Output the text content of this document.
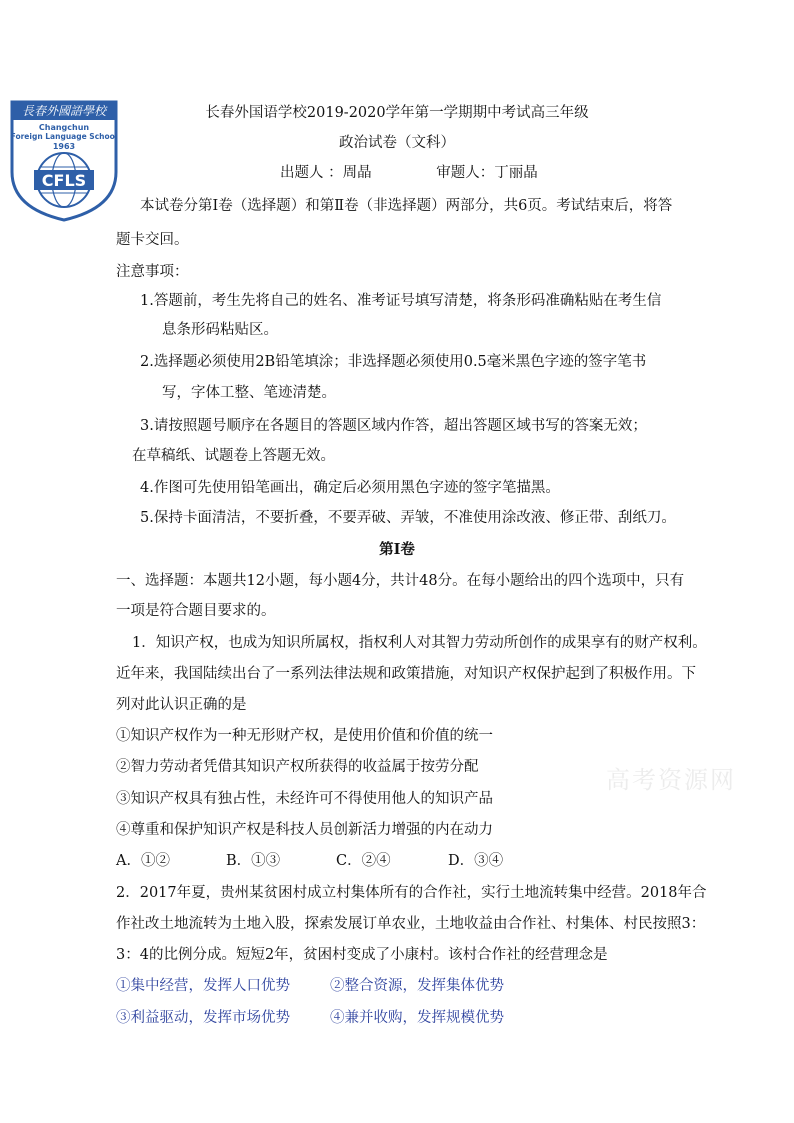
長春外國語學校
Changchun
Foreign Language School
1963
CFLS
长春外国语学校2019-2020学年第一学期期中考试高三年级
政治试卷（文科）
出题人 ：周晶	审题人：丁丽晶
本试卷分第Ⅰ卷（选择题）和第Ⅱ卷（非选择题）两部分，共6页。考试结束后，将答
题卡交回。
注意事项：
1.答题前，考生先将自己的姓名、准考证号填写清楚，将条形码准确粘贴在考生信
息条形码粘贴区。
2.选择题必须使用2B铅笔填涂；非选择题必须使用0.5毫米黑色字迹的签字笔书
写，字体工整、笔迹清楚。
3.请按照题号顺序在各题目的答题区域内作答，超出答题区域书写的答案无效；
在草稿纸、试题卷上答题无效。
4.作图可先使用铅笔画出，确定后必须用黑色字迹的签字笔描黑。
5.保持卡面清洁，不要折叠，不要弄破、弄皱，不准使用涂改液、修正带、刮纸刀。
第Ⅰ卷
一、选择题：本题共12小题，每小题4分，共计48分。在每小题给出的四个选项中，只有
一项是符合题目要求的。
1．知识产权，也成为知识所属权，指权利人对其智力劳动所创作的成果享有的财产权利。
近年来，我国陆续出台了一系列法律法规和政策措施，对知识产权保护起到了积极作用。下
列对此认识正确的是
①知识产权作为一种无形财产权，是使用价值和价值的统一
②智力劳动者凭借其知识产权所获得的收益属于按劳分配
③知识产权具有独占性，未经许可不得使用他人的知识产品
④尊重和保护知识产权是科技人员创新活力增强的内在动力
A．①②	B．①③	C．②④	D．③④
高考资源网
2．2017年夏，贵州某贫困村成立村集体所有的合作社，实行土地流转集中经营。2018年合
作社改土地流转为土地入股，探索发展订单农业，土地收益由合作社、村集体、村民按照3：
3：4的比例分成。短短2年，贫困村变成了小康村。该村合作社的经营理念是
①集中经营，发挥人口优势	②整合资源，发挥集体优势
③利益驱动，发挥市场优势	④兼并收购，发挥规模优势
